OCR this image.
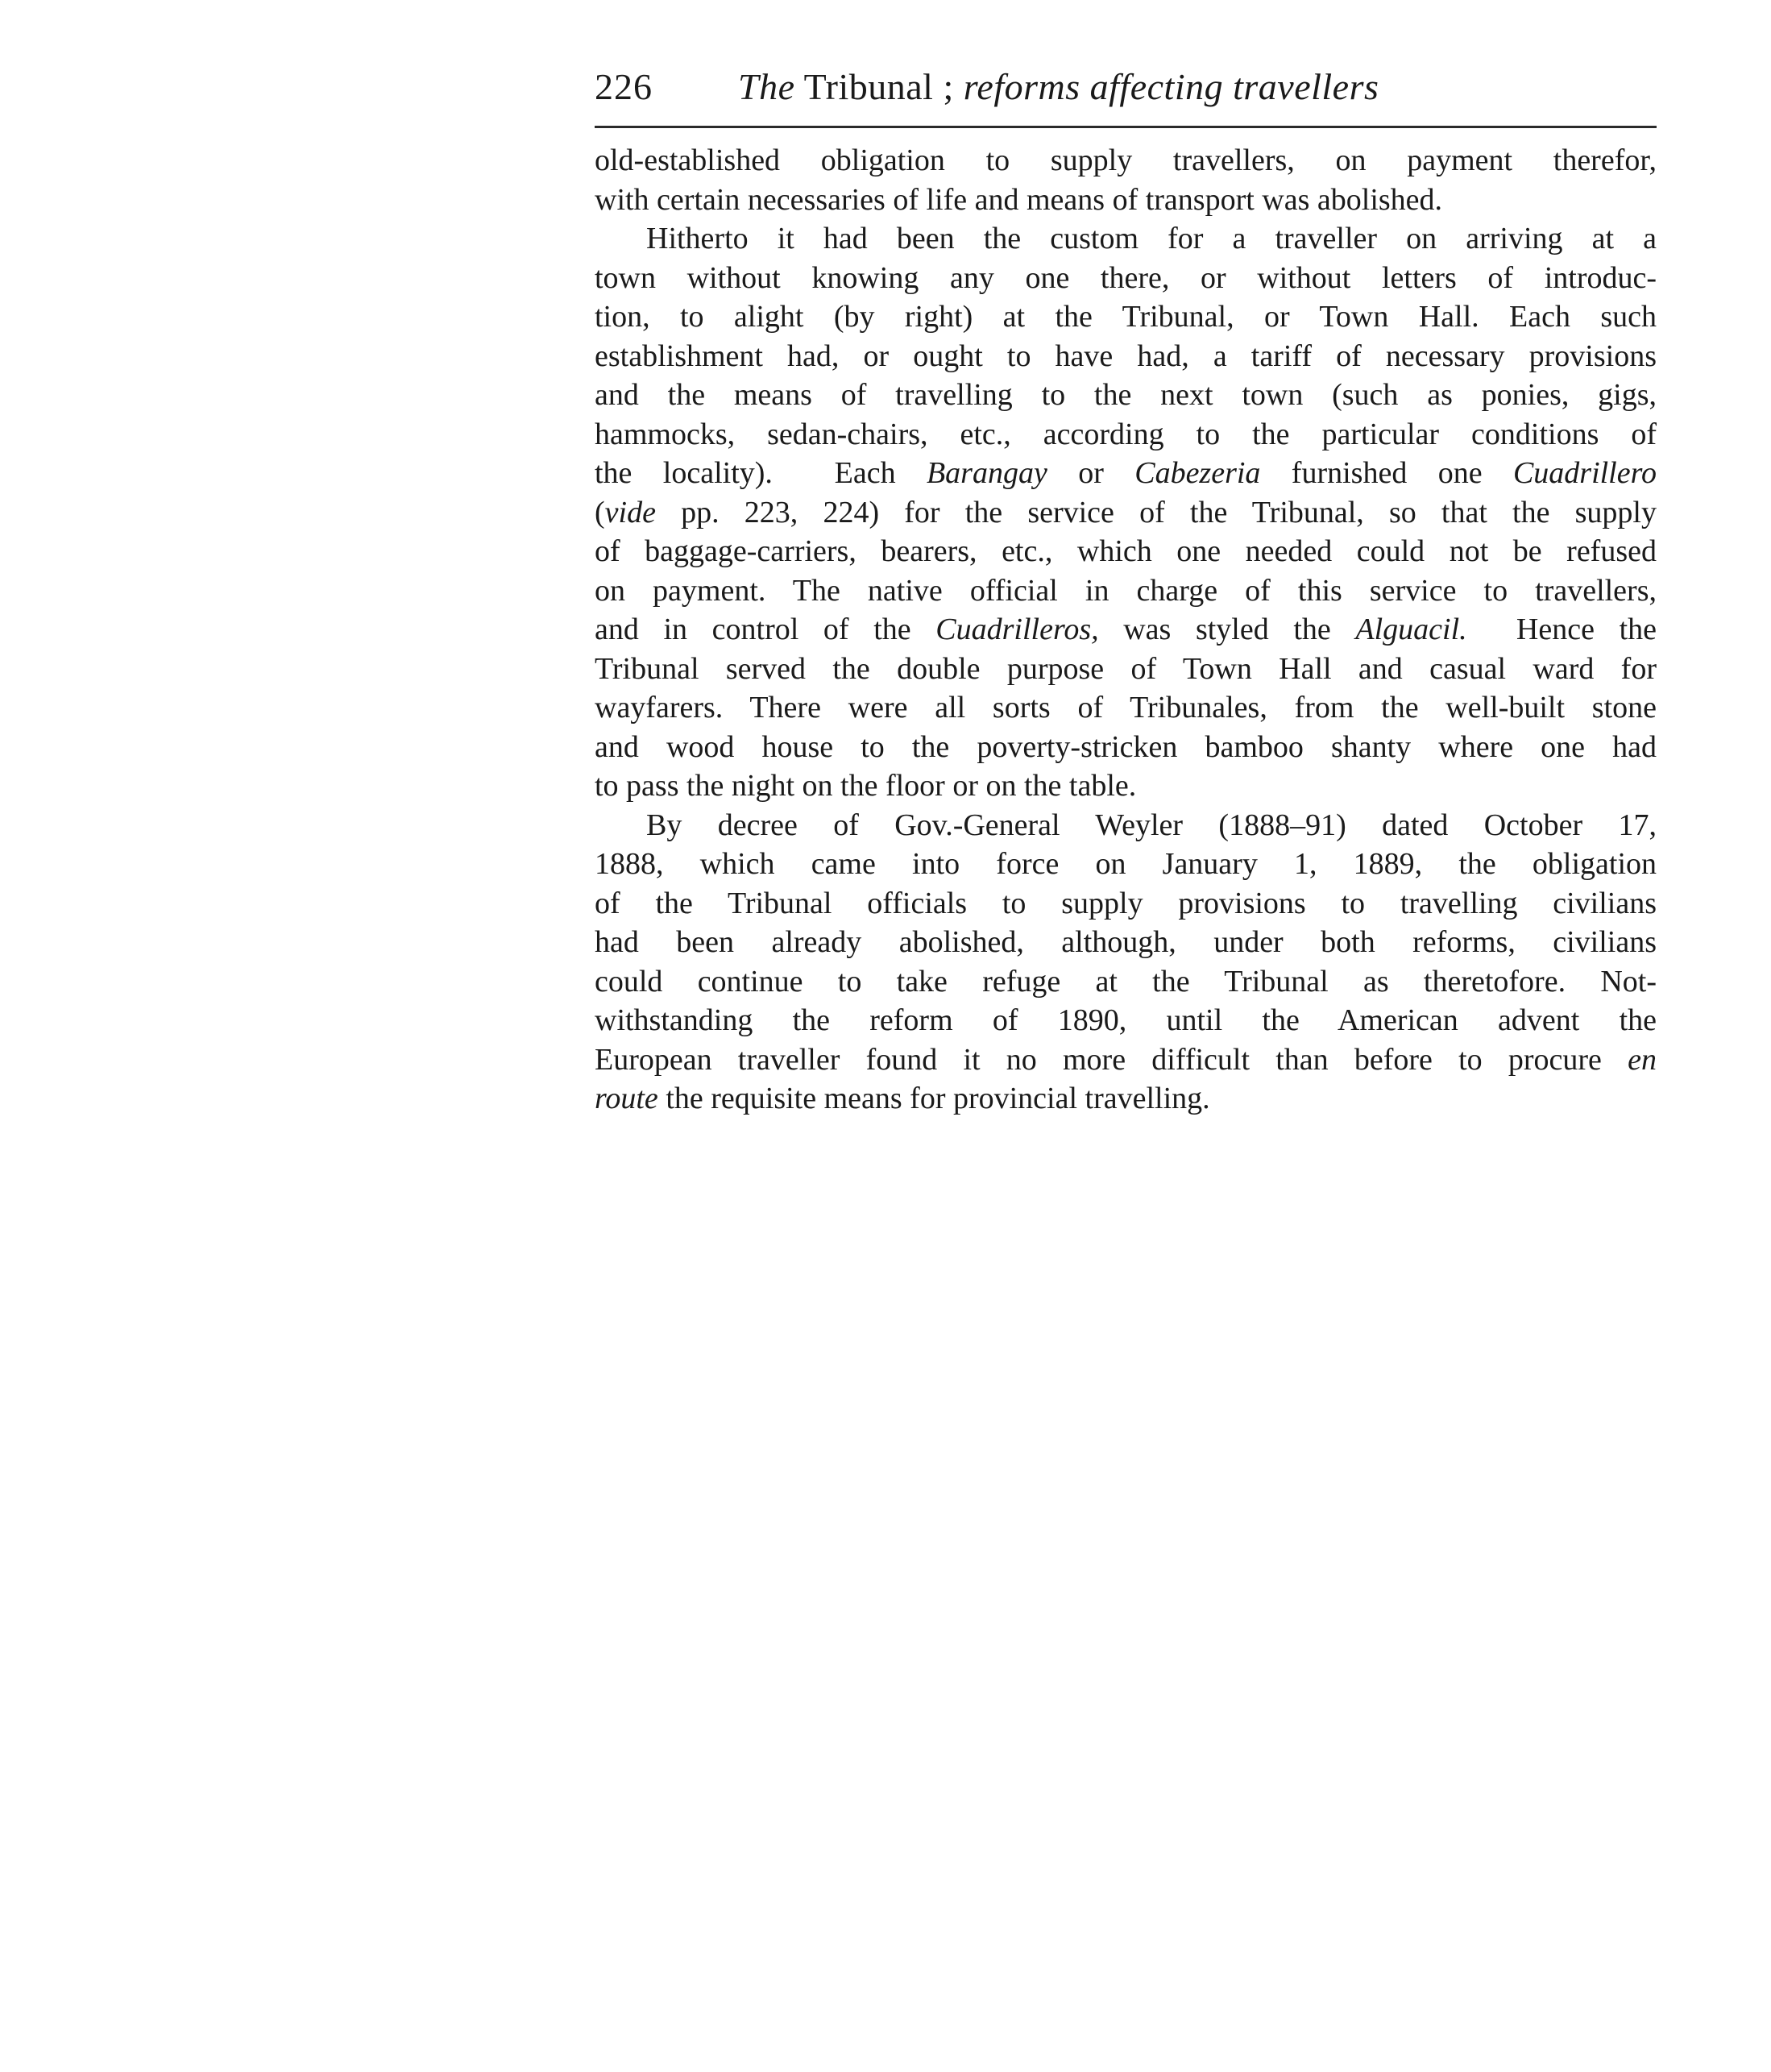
226 The Tribunal ; reforms affecting travellers
old-established obligation to supply travellers, on payment therefor,
with certain necessaries of life and means of transport was abolished.
Hitherto it had been the custom for a traveller on arriving at a
town without knowing any one there, or without letters of introduc-
tion, to alight (by right) at the Tribunal, or Town Hall. Each such
establishment had, or ought to have had, a tariff of necessary provisions
and the means of travelling to the next town (such as ponies, gigs,
hammocks, sedan-chairs, etc., according to the particular conditions of
the locality).  Each Barangay or Cabezeria furnished one Cuadrillero
(vide pp. 223, 224) for the service of the Tribunal, so that the supply
of baggage-carriers, bearers, etc., which one needed could not be refused
on payment. The native official in charge of this service to travellers,
and in control of the Cuadrilleros, was styled the Alguacil.  Hence the
Tribunal served the double purpose of Town Hall and casual ward for
wayfarers. There were all sorts of Tribunales, from the well-built stone
and wood house to the poverty-stricken bamboo shanty where one had
to pass the night on the floor or on the table.
By decree of Gov.-General Weyler (1888–91) dated October 17,
1888, which came into force on January 1, 1889, the obligation
of the Tribunal officials to supply provisions to travelling civilians
had been already abolished, although, under both reforms, civilians
could continue to take refuge at the Tribunal as theretofore. Not-
withstanding the reform of 1890, until the American advent the
European traveller found it no more difficult than before to procure en
route the requisite means for provincial travelling.
